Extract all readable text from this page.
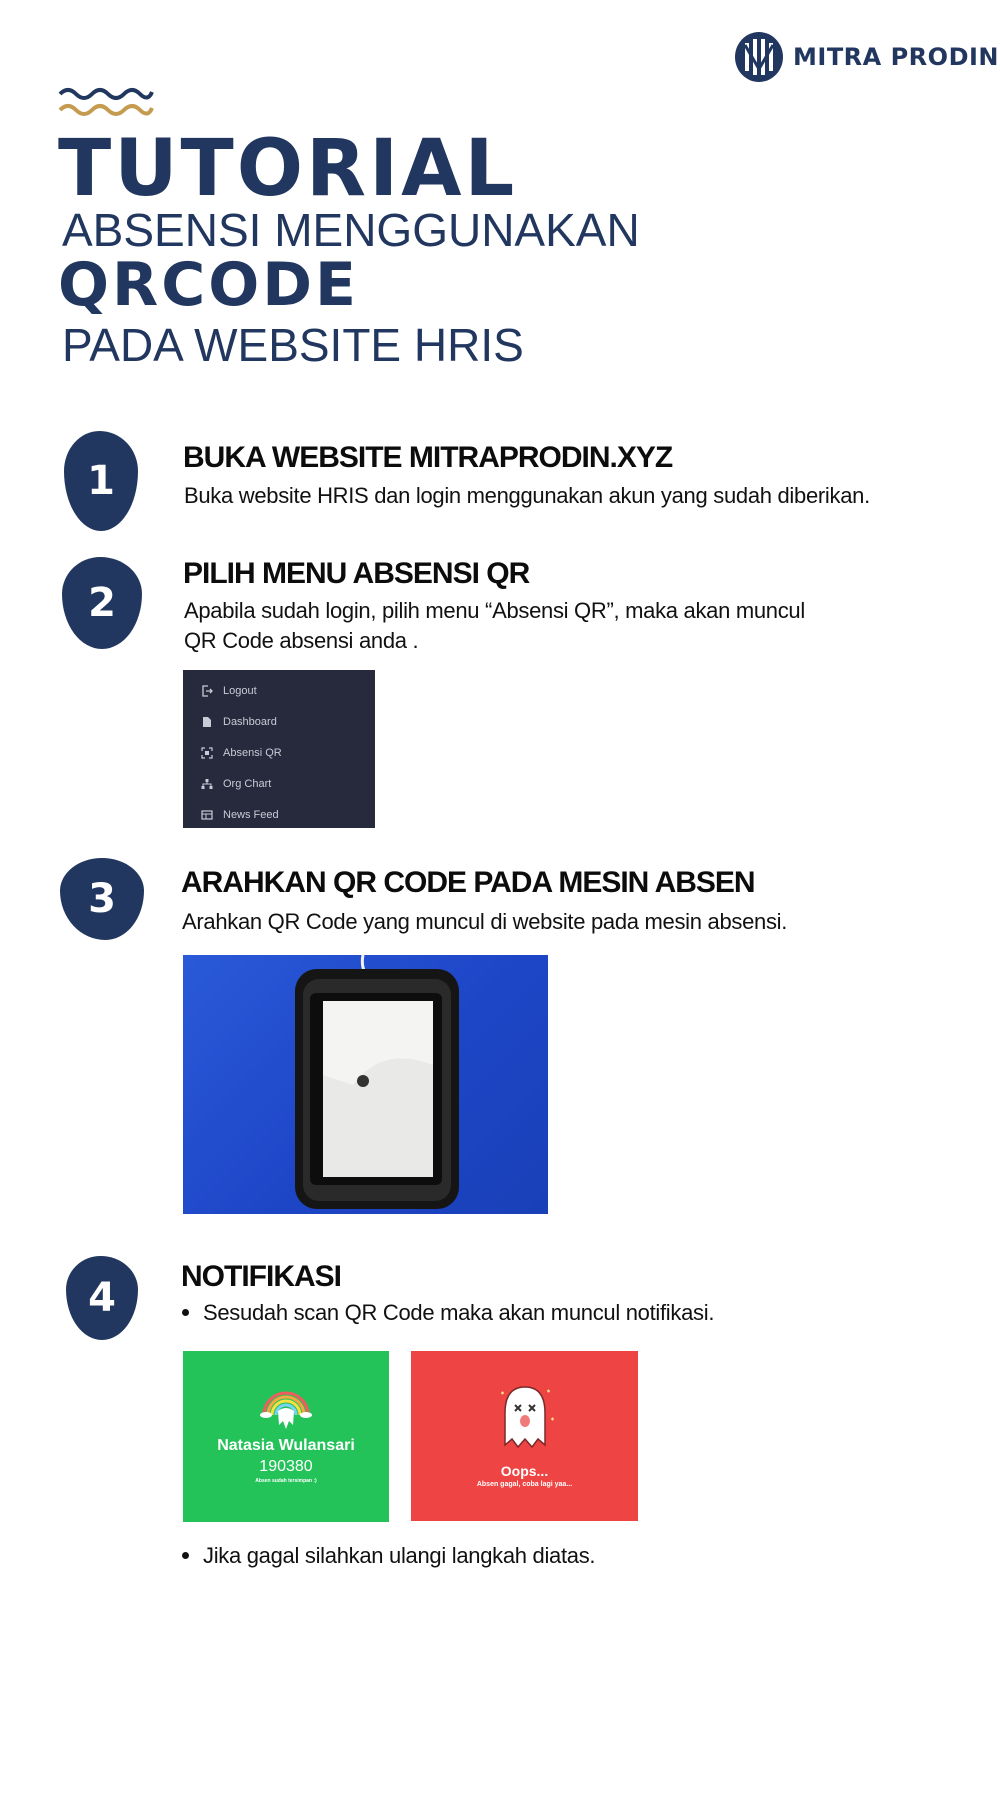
MITRA PRODIN
TUTORIAL
ABSENSI MENGGUNAKAN
QRCODE
PADA WEBSITE HRIS
1
BUKA WEBSITE MITRAPRODIN.XYZ
Buka website HRIS dan login menggunakan akun yang sudah diberikan.
2
PILIH MENU ABSENSI QR
Apabila sudah login, pilih menu “Absensi QR”, maka akan muncul
QR Code absensi anda .
Logout
Dashboard
Absensi QR
Org Chart
News Feed
3	ARAHKAN QR CODE PADA MESIN ABSEN
Arahkan QR Code yang muncul di website pada mesin absensi.
4	NOTIFIKASI
Sesudah scan QR Code maka akan muncul notifikasi.
Natasia Wulansari
190380
Absen sudah tersimpan :)
Oops...
Absen gagal, coba lagi yaa...
Jika gagal silahkan ulangi langkah diatas.
